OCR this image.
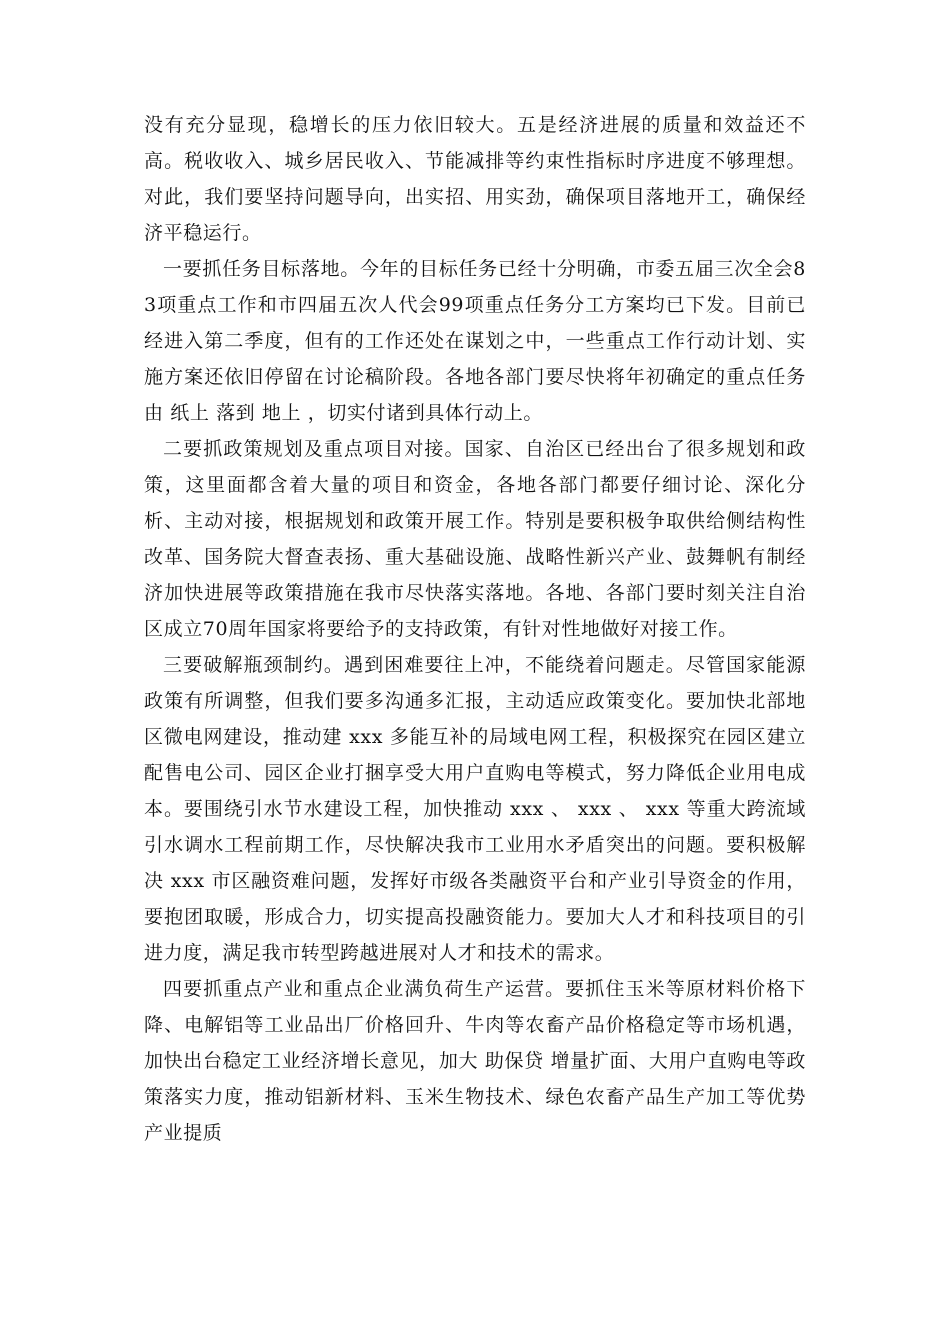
没有充分显现，稳增长的压力依旧较大。五是经济进展的质量和效益还不高。税收收入、城乡居民收入、节能减排等约束性指标时序进度不够理想。对此，我们要坚持问题导向，出实招、用实劲，确保项目落地开工，确保经济平稳运行。

一要抓任务目标落地。今年的目标任务已经十分明确，市委五届三次全会83项重点工作和市四届五次人代会99项重点任务分工方案均已下发。目前已经进入第二季度，但有的工作还处在谋划之中，一些重点工作行动计划、实施方案还依旧停留在讨论稿阶段。各地各部门要尽快将年初确定的重点任务由 纸上 落到 地上 ，切实付诸到具体行动上。

二要抓政策规划及重点项目对接。国家、自治区已经出台了很多规划和政策，这里面都含着大量的项目和资金，各地各部门都要仔细讨论、深化分析、主动对接，根据规划和政策开展工作。特别是要积极争取供给侧结构性改革、国务院大督查表扬、重大基础设施、战略性新兴产业、鼓舞帆有制经济加快进展等政策措施在我市尽快落实落地。各地、各部门要时刻关注自治区成立70周年国家将要给予的支持政策，有针对性地做好对接工作。

三要破解瓶颈制约。遇到困难要往上冲，不能绕着问题走。尽管国家能源政策有所调整，但我们要多沟通多汇报，主动适应政策变化。要加快北部地区微电网建设，推动建 xxx 多能互补的局域电网工程，积极探究在园区建立配售电公司、园区企业打捆享受大用户直购电等模式，努力降低企业用电成本。要围绕引水节水建设工程，加快推动 xxx 、 xxx 、 xxx 等重大跨流域引水调水工程前期工作，尽快解决我市工业用水矛盾突出的问题。要积极解决 xxx 市区融资难问题，发挥好市级各类融资平台和产业引导资金的作用，要抱团取暖，形成合力，切实提高投融资能力。要加大人才和科技项目的引进力度，满足我市转型跨越进展对人才和技术的需求。

四要抓重点产业和重点企业满负荷生产运营。要抓住玉米等原材料价格下降、电解铝等工业品出厂价格回升、牛肉等农畜产品价格稳定等市场机遇，加快出台稳定工业经济增长意见，加大 助保贷 增量扩面、大用户直购电等政策落实力度，推动铝新材料、玉米生物技术、绿色农畜产品生产加工等优势产业提质
